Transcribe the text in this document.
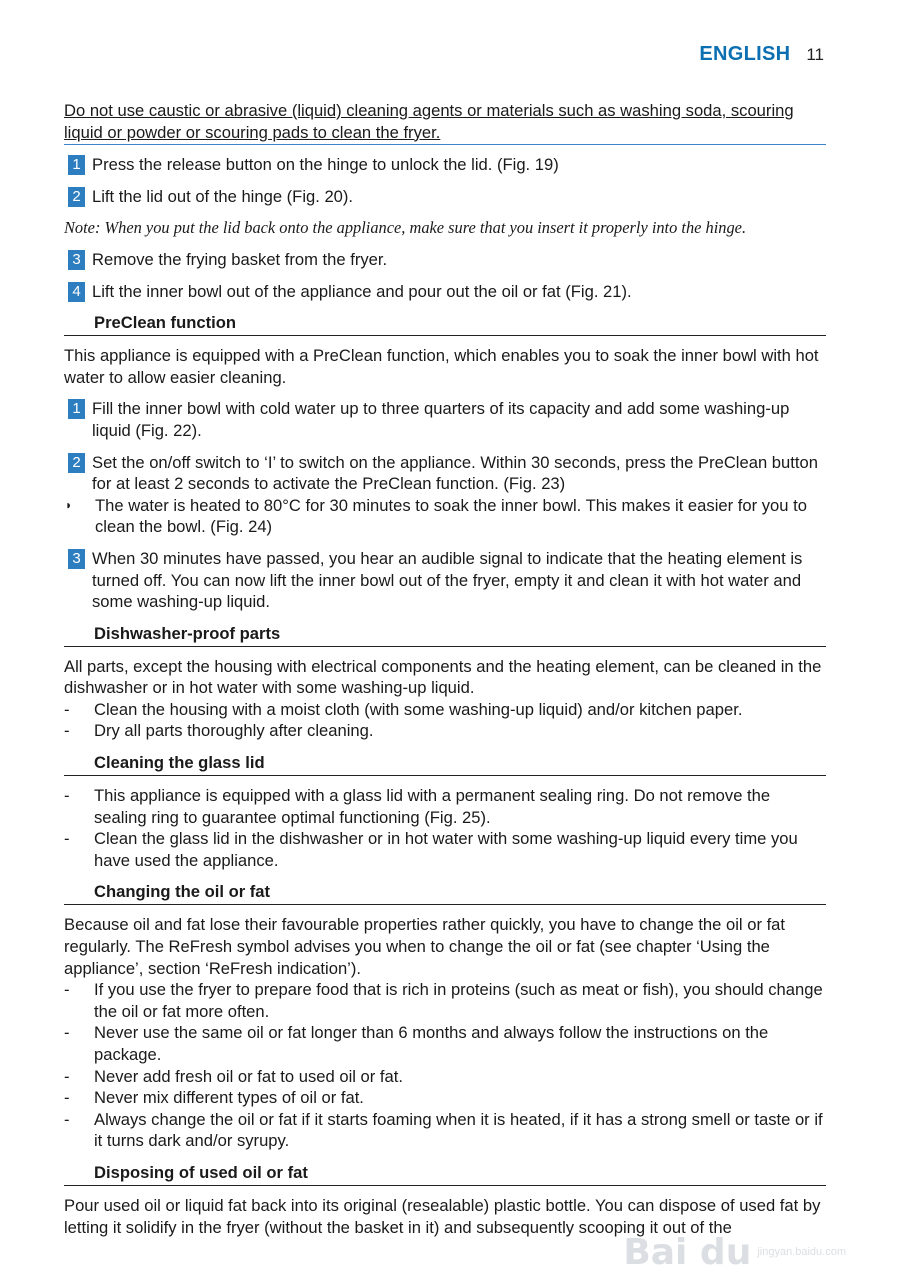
ENGLISH 11

Do not use caustic or abrasive (liquid) cleaning agents or materials such as washing soda, scouring liquid or powder or scouring pads to clean the fryer.

1 Press the release button on the hinge to unlock the lid. (Fig. 19)
2 Lift the lid out of the hinge (Fig. 20).

Note: When you put the lid back onto the appliance, make sure that you insert it properly into the hinge.

3 Remove the frying basket from the fryer.
4 Lift the inner bowl out of the appliance and pour out the oil or fat (Fig. 21).
PreClean function

This appliance is equipped with a PreClean function, which enables you to soak the inner bowl with hot water to allow easier cleaning.

1 Fill the inner bowl with cold water up to three quarters of its capacity and add some washing-up liquid (Fig. 22).
2 Set the on/off switch to ‘I’ to switch on the appliance. Within 30 seconds, press the PreClean button for at least 2 seconds to activate the PreClean function. (Fig. 23)
◗	The water is heated to 80°C for 30 minutes to soak the inner bowl. This makes it easier for you to clean the bowl. (Fig. 24)
3 When 30 minutes have passed, you hear an audible signal to indicate that the heating element is turned off. You can now lift the inner bowl out of the fryer, empty it and clean it with hot water and some washing-up liquid.
Dishwasher-proof parts

All parts, except the housing with electrical components and the heating element, can be cleaned in the dishwasher or in hot water with some washing-up liquid.

-	Clean the housing with a moist cloth (with some washing-up liquid) and/or kitchen paper.
-	Dry all parts thoroughly after cleaning.
Cleaning the glass lid
-	This appliance is equipped with a glass lid with a permanent sealing ring. Do not remove the sealing ring to guarantee optimal functioning (Fig. 25).
-	Clean the glass lid in the dishwasher or in hot water with some washing-up liquid every time you have used the appliance.
Changing the oil or fat

Because oil and fat lose their favourable properties rather quickly, you have to change the oil or fat regularly. The ReFresh symbol advises you when to change the oil or fat (see chapter ‘Using the appliance’, section ‘ReFresh indication’).

-	If you use the fryer to prepare food that is rich in proteins (such as meat or fish), you should change the oil or fat more often.
-	Never use the same oil or fat longer than 6 months and always follow the instructions on the package.
-	Never add fresh oil or fat to used oil or fat.
-	Never mix different types of oil or fat.
-	Always change the oil or fat if it starts foaming when it is heated, if it has a strong smell or taste or if it turns dark and/or syrupy.
Disposing of used oil or fat

Pour used oil or liquid fat back into its original (resealable) plastic bottle. You can dispose of used fat by letting it solidify in the fryer (without the basket in it) and subsequently scooping it out of the

Bai du jingyan.baidu.com
